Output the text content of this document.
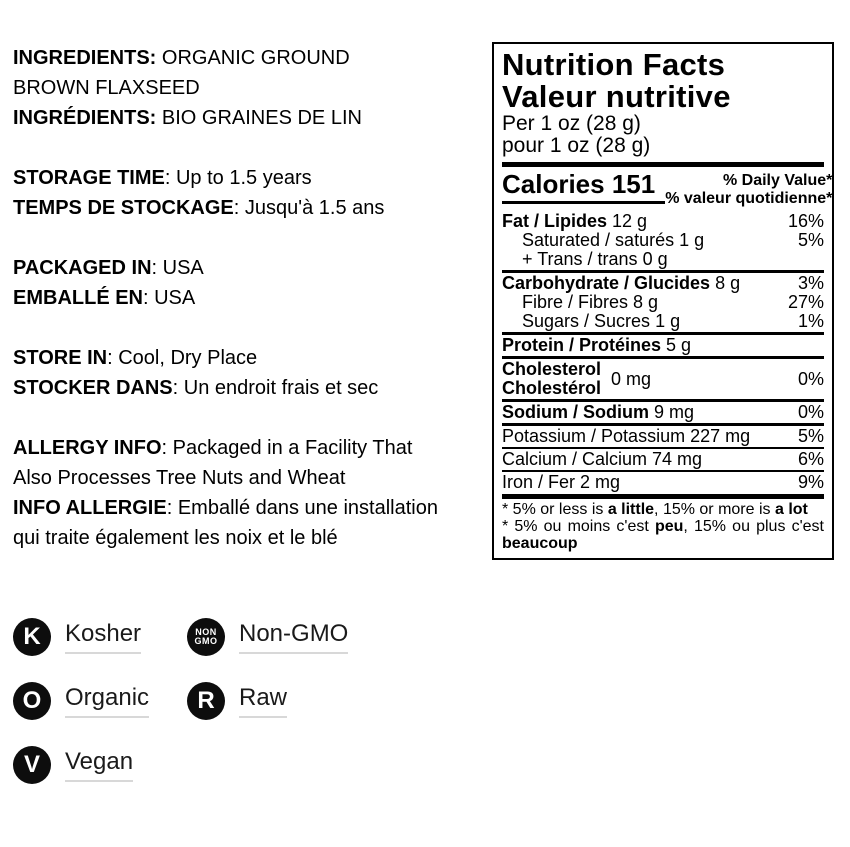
INGREDIENTS: ORGANIC GROUND
BROWN FLAXSEED
INGRÉDIENTS: BIO GRAINES DE LIN
STORAGE TIME: Up to 1.5 years
TEMPS DE STOCKAGE: Jusqu'à 1.5 ans
PACKAGED IN: USA
EMBALLÉ EN: USA
STORE IN: Cool, Dry Place
STOCKER DANS: Un endroit frais et sec
ALLERGY INFO: Packaged in a Facility That
Also Processes Tree Nuts and Wheat
INFO ALLERGIE: Emballé dans une installation
qui traite également les noix et le blé
Nutrition Facts
Valeur nutritive
Per 1 oz (28 g)
pour 1 oz (28 g)
Calories 151	% Daily Value*
% valeur quotidienne*
Fat / Lipides 12 g	16%
Saturated / saturés 1 g	5%
+ Trans / trans 0 g
Carbohydrate / Glucides 8 g	3%
Fibre / Fibres 8 g	27%
Sugars / Sucres 1 g	1%
Protein / Protéines 5 g
Cholesterol
Cholestérol 0 mg	0%
Sodium / Sodium 9 mg	0%
Potassium / Potassium 227 mg	5%
Calcium / Calcium 74 mg	6%
Iron / Fer 2 mg	9%
* 5% or less is a little, 15% or more is a lot
* 5% ou moins c'est peu, 15% ou plus c'est beaucoup
K Kosher	NON
GMO Non-GMO
O Organic R Raw
V Vegan
